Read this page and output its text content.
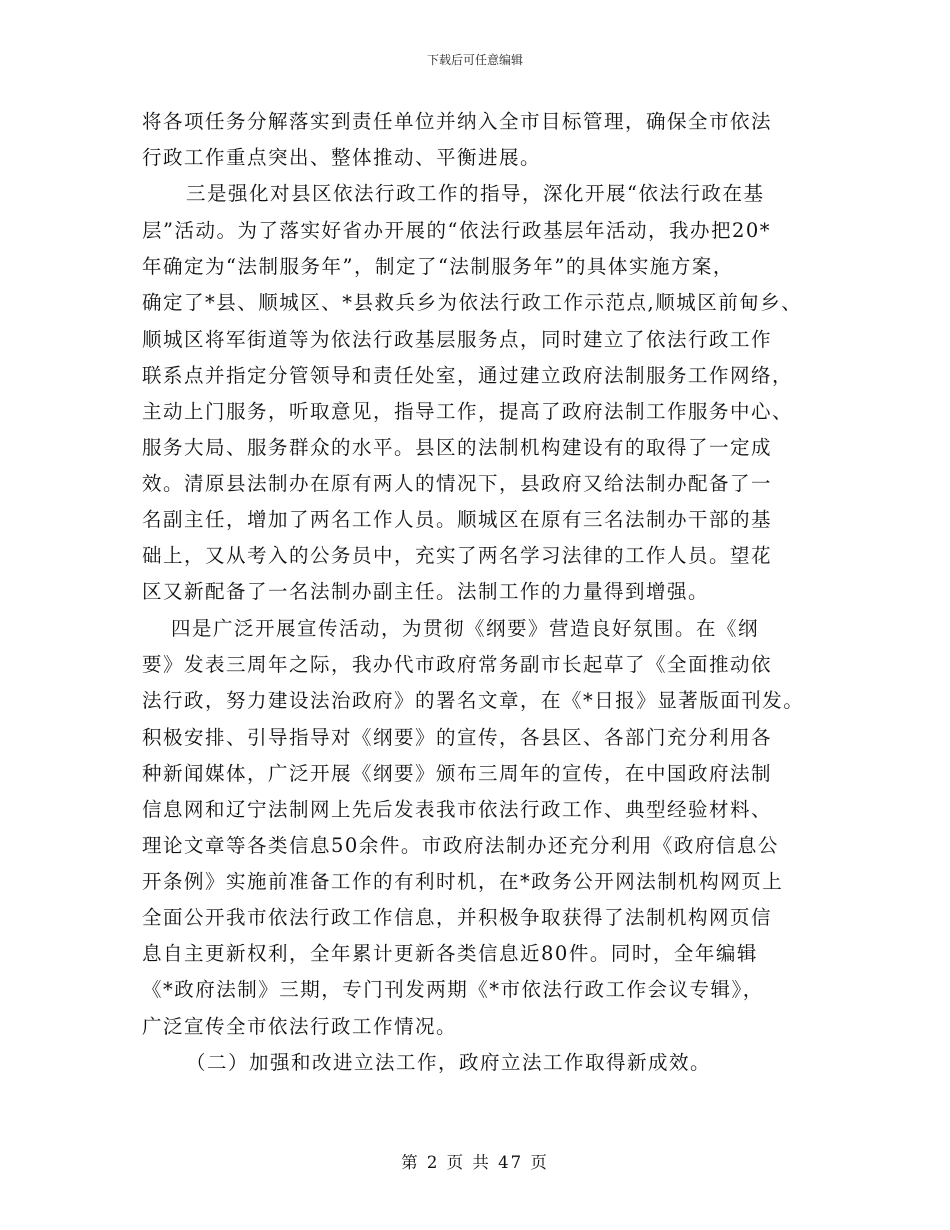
下载后可任意编辑
将各项任务分解落实到责任单位并纳入全市目标管理，确保全市依法
行政工作重点突出、整体推动、平衡进展。
三是强化对县区依法行政工作的指导，深化开展“依法行政在基
层”活动。为了落实好省办开展的“依法行政基层年活动，我办把20*
年确定为“法制服务年”，制定了“法制服务年”的具体实施方案，
确定了*县、顺城区、*县救兵乡为依法行政工作示范点,顺城区前甸乡、
顺城区将军街道等为依法行政基层服务点，同时建立了依法行政工作
联系点并指定分管领导和责任处室，通过建立政府法制服务工作网络，
主动上门服务，听取意见，指导工作，提高了政府法制工作服务中心、
服务大局、服务群众的水平。县区的法制机构建设有的取得了一定成
效。清原县法制办在原有两人的情况下，县政府又给法制办配备了一
名副主任，增加了两名工作人员。顺城区在原有三名法制办干部的基
础上，又从考入的公务员中，充实了两名学习法律的工作人员。望花
区又新配备了一名法制办副主任。法制工作的力量得到增强。
四是广泛开展宣传活动，为贯彻《纲要》营造良好氛围。在《纲
要》发表三周年之际，我办代市政府常务副市长起草了《全面推动依
法行政，努力建设法治政府》的署名文章，在《*日报》显著版面刊发。
积极安排、引导指导对《纲要》的宣传，各县区、各部门充分利用各
种新闻媒体，广泛开展《纲要》颁布三周年的宣传，在中国政府法制
信息网和辽宁法制网上先后发表我市依法行政工作、典型经验材料、
理论文章等各类信息50余件。市政府法制办还充分利用《政府信息公
开条例》实施前准备工作的有利时机，在*政务公开网法制机构网页上
全面公开我市依法行政工作信息，并积极争取获得了法制机构网页信
息自主更新权利，全年累计更新各类信息近80件。同时，全年编辑
《*政府法制》三期，专门刊发两期《*市依法行政工作会议专辑》，
广泛宣传全市依法行政工作情况。
（二）加强和改进立法工作，政府立法工作取得新成效。
第 2 页 共 47 页
